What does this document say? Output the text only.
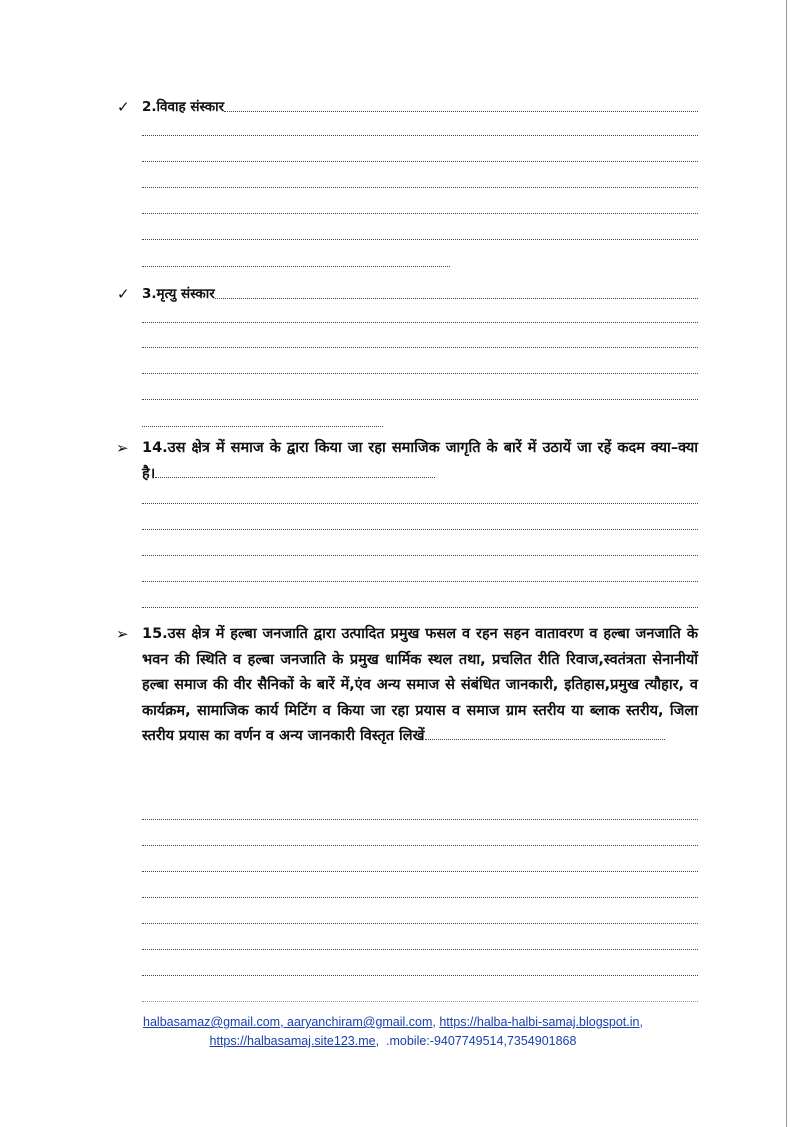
✓ 2.विवाह संस्कार
✓ 3.मृत्यु संस्कार
➢ 14.उस क्षेत्र में समाज के द्वारा किया जा रहा समाजिक जागृति के बारें में उठायें जा रहें कदम क्या–क्या है।
➢ 15.उस क्षेत्र में हल्बा जनजाति द्वारा उत्पादित प्रमुख फसल व रहन सहन वातावरण व हल्बा जनजाति के भवन की स्थिति व हल्बा जनजाति के प्रमुख धार्मिक स्थल तथा, प्रचलित रीति रिवाज,स्वतंत्रता सेनानीयों हल्बा समाज की वीर सैनिकों के बारें में,एंव अन्य समाज से संबंधित जानकारी, इतिहास,प्रमुख त्यौहार, व कार्यक्रम, सामाजिक कार्य मिटिंग व किया जा रहा प्रयास व समाज ग्राम स्तरीय या ब्लाक स्तरीय, जिला स्तरीय प्रयास का वर्णन व अन्य जानकारी विस्तृत लिखें
halbasamaz@gmail.com, aaryanchiram@gmail.com, https://halba-halbi-samaj.blogspot.in,
https://halbasamaj.site123.me,  .mobile:-9407749514,7354901868
